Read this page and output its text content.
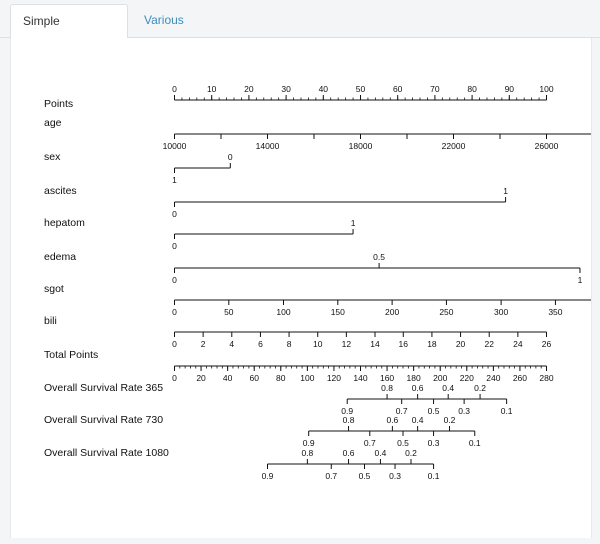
Simple	Various
Points
0	10	20	30	40	50	60	70	80	90	100
age
10000	14000	18000	22000	26000
sex
1
0
ascites
0
1
hepatom
0
1
edema
0
0.5
1
sgot
0	50	100	150	200	250	300	350
bili
0	2	4	6	8	10 12 14 16 18 20 22 24 26
Total Points
0 20 40 60 80 100 120 140 160 180 200 220 240 260 280
Overall Survival Rate 365
0.9
0.8
0.7
0.6
0.5
0.4
0.3
0.2
0.1
Overall Survival Rate 730
0.9
0.8
0.7
0.6
0.5
0.4
0.3
0.2
0.1
Overall Survival Rate 1080
0.9
0.8
0.7
0.6
0.5
0.4
0.3
0.2
0.1
